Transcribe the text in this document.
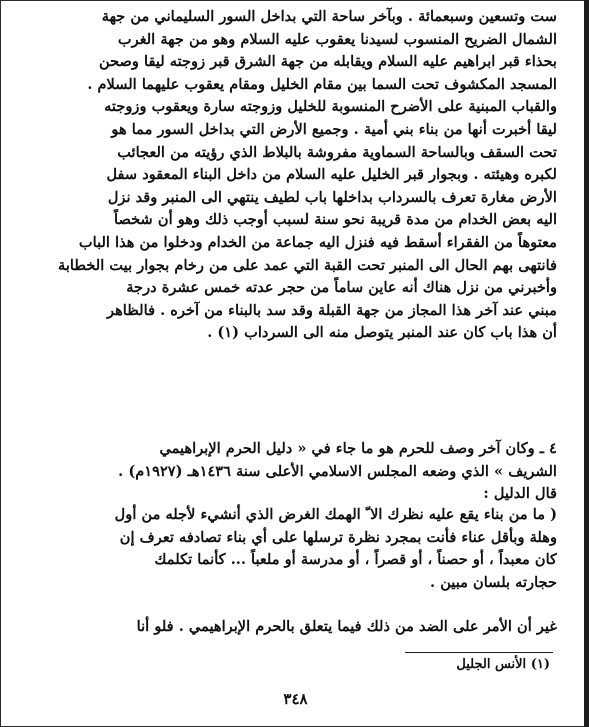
ست وتسعين وسبعمائة . وبآخر ساحة التي بداخل السور السليماني من جهة
الشمال الضريح المنسوب لسيدنا يعقوب عليه السلام وهو من جهة الغرب
بحذاء قبر ابراهيم عليه السلام ويقابله من جهة الشرق قبر زوجته ليقا وصحن
المسجد المكشوف تحت السما بين مقام الخليل ومقام يعقوب عليهما السلام .
والقباب المبنية على الأضرح المنسوبة للخليل وزوجته سارة ويعقوب وزوجته
ليقا أخبرت أنها من بناء بني أمية . وجميع الأرض التي بداخل السور مما هو
تحت السقف وبالساحة السماوية مفروشة بالبلاط الذي رؤيته من العجائب
لكبره وهيئته . وبجوار قبر الخليل عليه السلام من داخل البناء المعقود سفل
الأرض مغارة تعرف بالسرداب بداخلها باب لطيف ينتهي الى المنبر وقد نزل
اليه بعض الخدام من مدة قريبة نحو سنة لسبب أوجب ذلك وهو أن شخصاً
معتوهاً من الفقراء أسقط فيه فنزل اليه جماعة من الخدام ودخلوا من هذا الباب
فانتهى بهم الحال الى المنبر تحت القبة التي عمد على من رخام بجوار بيت الخطابة
وأخبرني من نزل هناك أنه عاين ساماً من حجر عدته خمس عشرة درجة
مبني عند آخر هذا المجاز من جهة القبلة وقد سد بالبناء من آخره . فالظاهر
أن هذا باب كان عند المنبر يتوصل منه الى السرداب (١) .
٤ ـ وكان آخر وصف للحرم هو ما جاء في « دليل الحرم الإبراهيمي
الشريف » الذي وضعه المجلس الاسلامي الأعلى سنة ١٤٣٦هـ (١٩٢٧م) .
قال الدليل :
( ما من بناء يقع عليه نظرك الا ّ الهمك الغرض الذي أنشيء لأجله من أول
وهلة وبأقل عناء فأنت بمجرد نظرة ترسلها على أي بناء تصادفه تعرف إن
كان معبداً ، أو حصناً ، أو قصراً ، أو مدرسة أو ملعباً ... كأنما تكلمك
حجارته بلسان مبين .
غير أن الأمر على الضد من ذلك فيما يتعلق بالحرم الإبراهيمي . فلو أنا
(١) الأنس الجليل
٣٤٨
